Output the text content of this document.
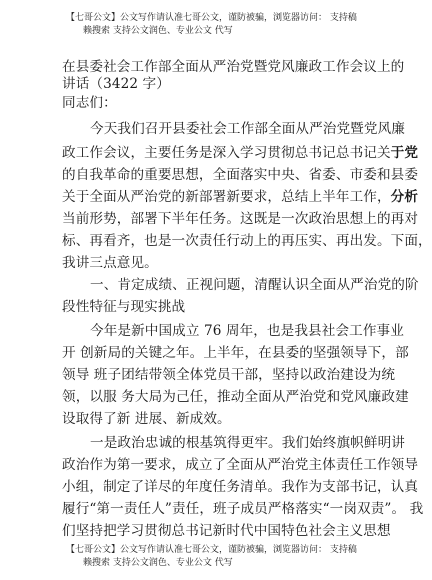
【七哥公文】公文写作请认准七哥公文，谨防被骗，浏览器访问： 支持稿
赖搜索 支持公文润色、专业公文 代写
在县委社会工作部全面从严治党暨党风廉政工作会议上的
讲话（3422 字）
同志们：
今天我们召开县委社会工作部全面从严治党暨党风廉
政工作会议，主要任务是深入学习贯彻总书记总书记关于党
的自我革命的重要思想，全面落实中央、省委、市委和县委
关于全面从严治党的新部署新要求，总结上半年工作，分析
当前形势，部署下半年任务。这既是一次政治思想上的再对
标、再看齐，也是一次责任行动上的再压实、再出发。下面，
我讲三点意见。
一、肯定成绩、正视问题，清醒认识全面从严治党的阶
段性特征与现实挑战
今年是新中国成立 76 周年，也是我县社会工作事业
开 创新局的关键之年。上半年，在县委的坚强领导下，部
领导 班子团结带领全体党员干部，坚持以政治建设为统
领，以服 务大局为己任，推动全面从严治党和党风廉政建
设取得了新 进展、新成效。
一是政治忠诚的根基筑得更牢。我们始终旗帜鲜明讲
政治作为第一要求，成立了全面从严治党主体责任工作领导
小组，制定了详尽的年度任务清单。我作为支部书记，认真
履行“第一责任人”责任，班子成员严格落实“一岗双责”。 我
们坚持把学习贯彻总书记新时代中国特色社会主义思想
【七哥公文】公文写作请认准七哥公文，谨防被骗，浏览器访问： 支持稿
赖搜索 支持公文润色、专业公文 代写
